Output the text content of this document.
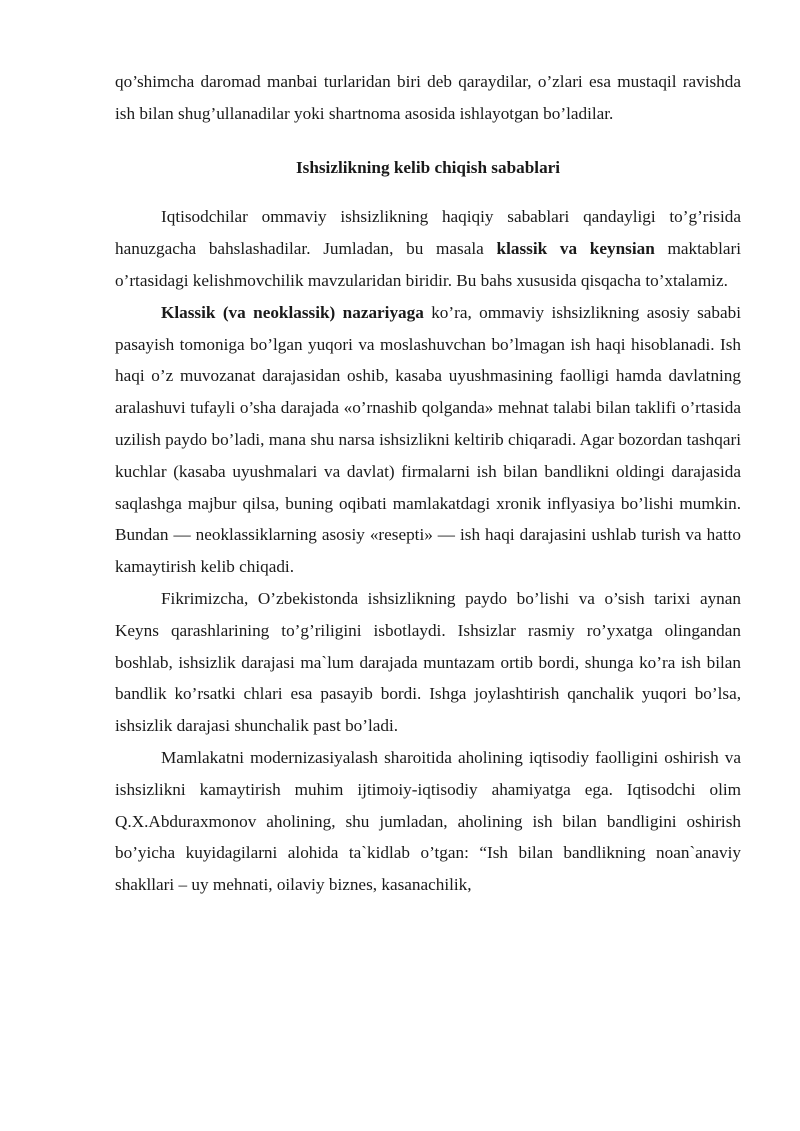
qo’shimcha daromad manbai turlaridan biri deb qaraydilar, o’zlari esa mustaqil ravishda ish bilan shug’ullanadilar yoki shartnoma asosida ishlayotgan bo’ladilar.

Ishsizlikning kelib chiqish sabablari

Iqtisodchilar ommaviy ishsizlikning haqiqiy sabablari qandayligi to’g’risida hanuzgacha bahslashadilar. Jumladan, bu masala klassik va keynsian maktablari o’rtasidagi kelishmovchilik mavzularidan biridir. Bu bahs xususida qisqacha to’xtalamiz.

Klassik (va neoklassik) nazariyaga ko’ra, ommaviy ishsizlikning asosiy sababi pasayish tomoniga bo’lgan yuqori va moslashuvchan bo’lmagan ish haqi hisoblanadi. Ish haqi o’z muvozanat darajasidan oshib, kasaba uyushmasining faolligi hamda davlatning aralashuvi tufayli o’sha darajada «o’rnashib qolganda» mehnat talabi bilan taklifi o’rtasida uzilish paydo bo’ladi, mana shu narsa ishsizlikni keltirib chiqaradi. Agar bozordan tashqari kuchlar (kasaba uyushmalari va davlat) firmalarni ish bilan bandlikni oldingi darajasida saqlashga majbur qilsa, buning oqibati mamlakatdagi xronik inflyasiya bo’lishi mumkin. Bundan — neoklassiklarning asosiy «resepti» — ish haqi darajasini ushlab turish va hatto kamaytirish kelib chiqadi.

Fikrimizcha, O’zbekistonda ishsizlikning paydo bo’lishi va o’sish tarixi aynan Keyns qarashlarining to’g’riligini isbotlaydi. Ishsizlar rasmiy ro’yxatga olingandan boshlab, ishsizlik darajasi ma`lum darajada muntazam ortib bordi, shunga ko’ra ish bilan bandlik ko’rsatki chlari esa pasayib bordi. Ishga joylashtirish qanchalik yuqori bo’lsa, ishsizlik darajasi shunchalik past bo’ladi.

Mamlakatni modernizasiyalash sharoitida aholining iqtisodiy faolligini oshirish va ishsizlikni kamaytirish muhim ijtimoiy-iqtisodiy ahamiyatga ega. Iqtisodchi olim Q.X.Abduraxmonov aholining, shu jumladan, aholining ish bilan bandligini oshirish bo’yicha kuyidagilarni alohida ta`kidlab o’tgan: “Ish bilan bandlikning noan`anaviy shakllari – uy mehnati, oilaviy biznes, kasanachilik,
